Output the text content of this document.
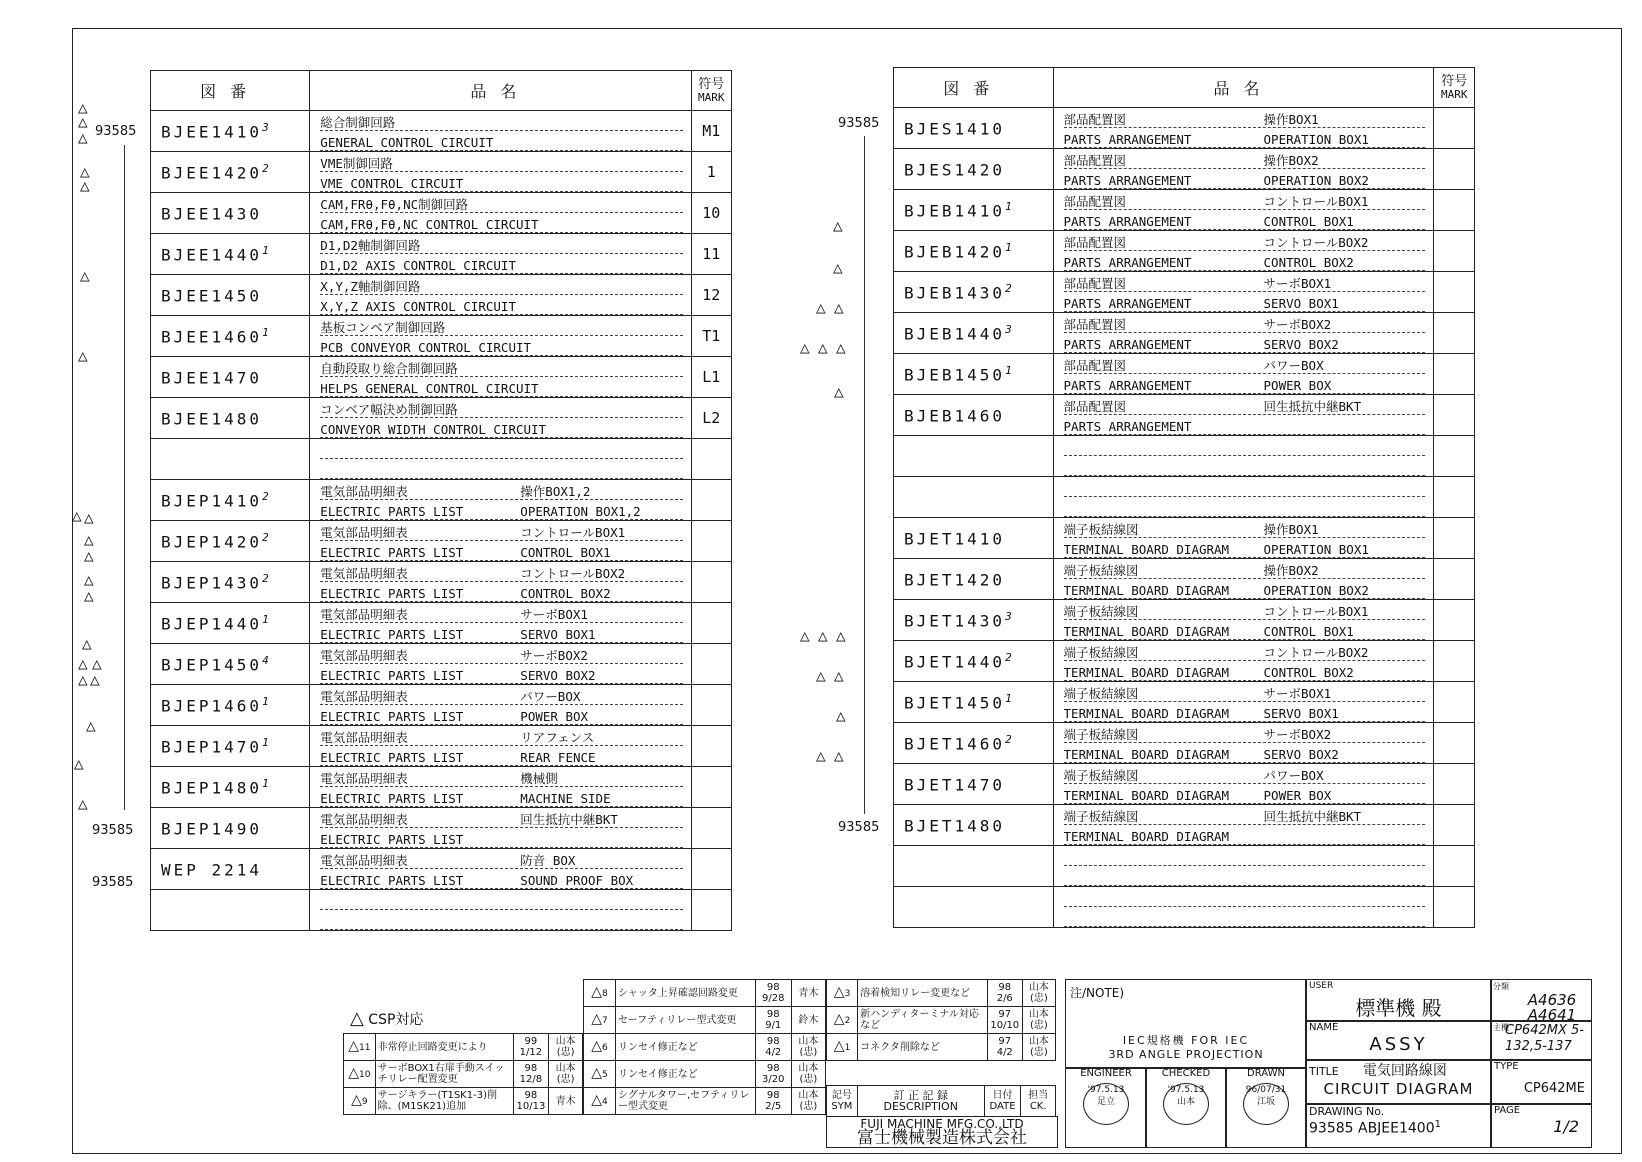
図番	品名	符号
MARK
BJEE1410$^3$	総合制御回路
GENERAL CONTROL CIRCUIT	M1
BJEE1420$^2$	VME制御回路
VME CONTROL CIRCUIT	1
BJEE1430	CAM,FRθ,Fθ,NC制御回路
CAM,FRθ,Fθ,NC CONTROL CIRCUIT	10
BJEE1440$^1$	D1,D2軸制御回路
D1,D2 AXIS CONTROL CIRCUIT	11
BJEE1450	X,Y,Z軸制御回路
X,Y,Z AXIS CONTROL CIRCUIT	12
BJEE1460$^1$	基板コンベア制御回路
PCB CONVEYOR CONTROL CIRCUIT	T1
BJEE1470	自動段取り総合制御回路
HELPS GENERAL CONTROL CIRCUIT	L1
BJEE1480	コンベア幅決め制御回路
CONVEYOR WIDTH CONTROL CIRCUIT	L2

BJEP1410$^2$	電気部品明細表 操作BOX1,2
ELECTRIC PARTS LIST OPERATION BOX1,2	

BJEP1420$^2$	電気部品明細表 コントロールBOX1
ELECTRIC PARTS LIST CONTROL BOX1	

BJEP1430$^2$	電気部品明細表 コントロールBOX2
ELECTRIC PARTS LIST CONTROL BOX2	

BJEP1440$^1$	電気部品明細表 サーボBOX1
ELECTRIC PARTS LIST SERVO BOX1	

BJEP1450$^4$	電気部品明細表 サーボBOX2
ELECTRIC PARTS LIST SERVO BOX2	

BJEP1460$^1$	電気部品明細表 パワーBOX
ELECTRIC PARTS LIST POWER BOX	

BJEP1470$^1$	電気部品明細表 リアフェンス
ELECTRIC PARTS LIST REAR FENCE	

BJEP1480$^1$	電気部品明細表 機械側
ELECTRIC PARTS LIST MACHINE SIDE	

BJEP1490	電気部品明細表 回生抵抗中継BKT
ELECTRIC PARTS LIST	

WEP 2214	電気部品明細表 防音 BOX
ELECTRIC PARTS LIST SOUND PROOF BOX	

図番	品名	符号
MARK
BJES1410	部品配置図 操作BOX1
PARTS ARRANGEMENT OPERATION BOX1	

BJES1420	部品配置図 操作BOX2
PARTS ARRANGEMENT OPERATION BOX2	

BJEB1410$^1$	部品配置図 コントロールBOX1
PARTS ARRANGEMENT CONTROL BOX1	

BJEB1420$^1$	部品配置図 コントロールBOX2
PARTS ARRANGEMENT CONTROL BOX2	

BJEB1430$^2$	部品配置図 サーボBOX1
PARTS ARRANGEMENT SERVO BOX1	

BJEB1440$^3$	部品配置図 サーボBOX2
PARTS ARRANGEMENT SERVO BOX2	

BJEB1450$^1$	部品配置図 パワーBOX
PARTS ARRANGEMENT POWER BOX	

BJEB1460	部品配置図 回生抵抗中継BKT
PARTS ARRANGEMENT	

BJET1410	端子板結線図 操作BOX1
TERMINAL BOARD DIAGRAM OPERATION BOX1	

BJET1420	端子板結線図 操作BOX2
TERMINAL BOARD DIAGRAM OPERATION BOX2	

BJET1430$^3$	端子板結線図 コントロールBOX1
TERMINAL BOARD DIAGRAM CONTROL BOX1	

BJET1440$^2$	端子板結線図 コントロールBOX2
TERMINAL BOARD DIAGRAM CONTROL BOX2	

BJET1450$^1$	端子板結線図 サーボBOX1
TERMINAL BOARD DIAGRAM SERVO BOX1	

BJET1460$^2$	端子板結線図 サーボBOX2
TERMINAL BOARD DIAGRAM SERVO BOX2	

BJET1470	端子板結線図 パワーBOX
TERMINAL BOARD DIAGRAM POWER BOX	

BJET1480	端子板結線図 回生抵抗中継BKT
TERMINAL BOARD DIAGRAM	

93585
93585
93585
93585
93585
△
△
△
△
△
△
△
△ △
△
△
△
△
△
△ △
△ △
△
△
△
△
△
△ △
△ △ △
△
△ △ △
△ △
△
△ △
△ CSP対応
△11	非常停止回路変更により	99 1/12	山本(忠)
△10	サーボBOX1右扉手動スイッチリレー配置変更	98 12/8	山本(忠)
△9	サージキラー(T1SK1-3)削除、(M1SK21)追加	98 10/13	青木
△8	シャッタ上昇確認回路変更	98 9/28	青木
△7	セーフティリレー型式変更	98 9/1	鈴木
△6	リンセイ修正など	98 4/2	山本(忠)
△5	リンセイ修正など	98 3/20	山本(忠)
△4	シグナルタワー,セフティリレー型式変更	98 2/5	山本(忠)
△3	溶着検知リレー変更など	98 2/6	山本(忠)
△2	新ハンディターミナル対応など	97 10/10	山本(忠)
△1	コネクタ削除など	97 4/2	山本(忠)
記号
SYM

訂 正 記 録
DESCRIPTION

日付
DATE

担当
CK.
FUJI MACHINE MFG.CO.,LTD
富士機械製造株式会社
注/NOTE)
IEC規格機 FOR IEC
3RD ANGLE PROJECTION
ENGINEER
'97.5.13 足立
CHECKED
'97.5.13 山本
DRAWN
96/07/31 江坂
USER
標準機 殿
分類
A4636 A4641
NAME
ASSY
主機
CP642MX 5-132,5-137
TITLE 電気回路線図
CIRCUIT DIAGRAM
TYPE
CP642ME
DRAWING No.
93585 ABJEE1400$^1$
PAGE
1/2
